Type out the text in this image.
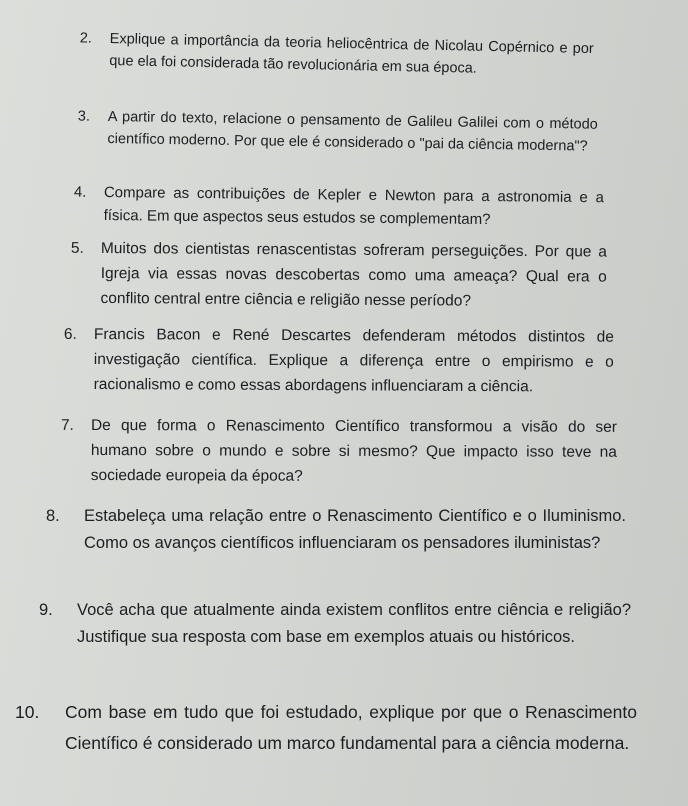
2. Explique a importância da teoria heliocêntrica de Nicolau Copérnico e por que ela foi considerada tão revolucionária em sua época.
3. A partir do texto, relacione o pensamento de Galileu Galilei com o método científico moderno. Por que ele é considerado o "pai da ciência moderna"?
4. Compare as contribuições de Kepler e Newton para a astronomia e a física. Em que aspectos seus estudos se complementam?
5. Muitos dos cientistas renascentistas sofreram perseguições. Por que a Igreja via essas novas descobertas como uma ameaça? Qual era o conflito central entre ciência e religião nesse período?
6. Francis Bacon e René Descartes defenderam métodos distintos de investigação científica. Explique a diferença entre o empirismo e o racionalismo e como essas abordagens influenciaram a ciência.
7. De que forma o Renascimento Científico transformou a visão do ser humano sobre o mundo e sobre si mesmo? Que impacto isso teve na sociedade europeia da época?
8. Estabeleça uma relação entre o Renascimento Científico e o Iluminismo. Como os avanços científicos influenciaram os pensadores iluministas?
9. Você acha que atualmente ainda existem conflitos entre ciência e religião? Justifique sua resposta com base em exemplos atuais ou históricos.
10. Com base em tudo que foi estudado, explique por que o Renascimento Científico é considerado um marco fundamental para a ciência moderna.
